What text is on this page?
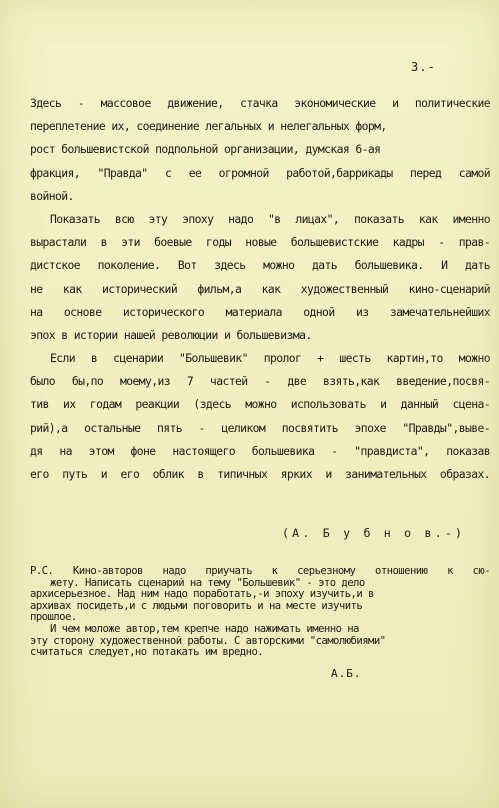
3.-
Здесь - массовое движение, стачка экономические и политические
переплетение их, соединение легальных и нелегальных форм,
рост большевистской подпольной организации, думская 6-ая
фракция, "Правда" с ее огромной работой,баррикады перед самой
войной.
Показать всю эту эпоху надо "в лицах", показать как именно
вырастали в эти боевые годы новые большевистские кадры - прав-
дистское поколение. Вот здесь можно дать большевика. И дать
не как исторический фильм,а как художественный кино-сценарий
на основе исторического материала одной из замечательнейших
эпох в истории нашей революции и большевизма.
Если в сценарии "Большевик" пролог + шесть картин,то можно
было бы,по моему,из 7 частей - две взять,как введение,посвя-
тив их годам реакции (здесь можно использовать и данный сцена-
рий),а остальные пять - целиком посвятить эпохе "Правды",выве-
дя на этом фоне настоящего большевика - "правдиста", показав
его путь и его облик в типичных ярких и занимательных образах.
(А. Б у б н о в.-)
Р.С. Кино-авторов надо приучать к серьезному отношению к сю-
жету. Написать сценарий на тему "Большевик" - это дело
архисерьезное. Над ним надо поработать,-и эпоху изучить,и в
архивах посидеть,и с людьми поговорить и на месте изучить
прошлое.
И чем моложе автор,тем крепче надо нажимать именно на
эту сторону художественной работы. С авторскими "самолюбиями"
считаться следует,но потакать им вредно.
А.Б.
